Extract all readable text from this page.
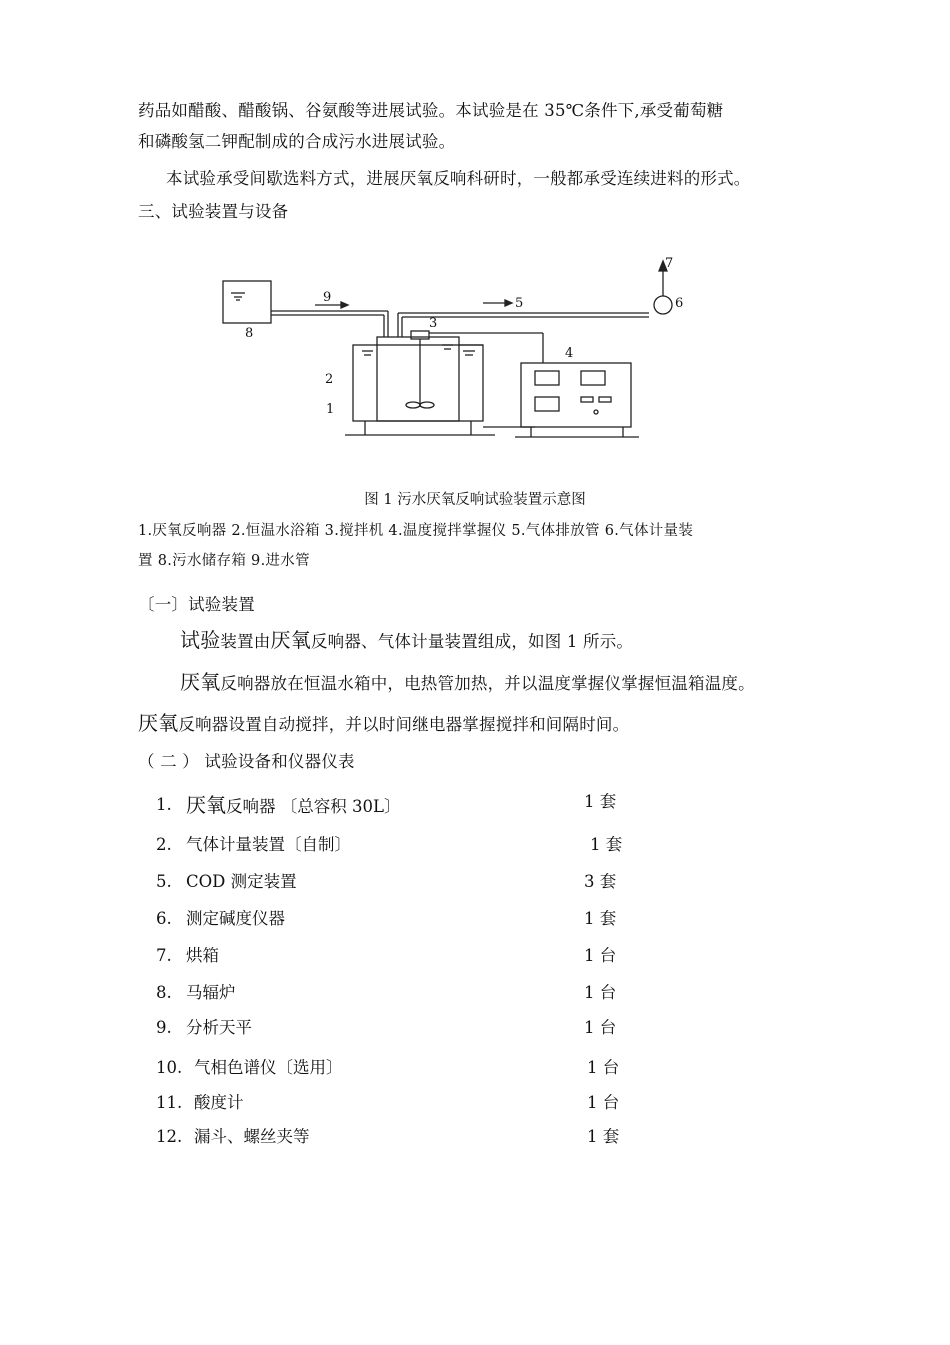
药品如醋酸、醋酸锅、谷氨酸等进展试验。本试验是在 35℃条件下,承受葡萄糖
和磷酸氢二钾配制成的合成污水进展试验。
本试验承受间歇选料方式，进展厌氧反响科研时，一般都承受连续进料的形式。
三、试验装置与设备
1
2
3
4
5	6
7
8
9
图 1 污水厌氧反响试验装置示意图
1.厌氧反响器 2.恒温水浴箱 3.搅拌机 4.温度搅拌掌握仪 5.气体排放管 6.气体计量装
置 8.污水储存箱 9.进水管
〔一〕试验装置
试验装置由厌氧反响器、气体计量装置组成，如图 1 所示。
厌氧反响器放在恒温水箱中，电热管加热，并以温度掌握仪掌握恒温箱温度。
厌氧反响器设置自动搅拌，并以时间继电器掌握搅拌和间隔时间。
（ 二 ） 试验设备和仪器仪表
1. 厌氧反响器 〔总容积 30L〕	1 套
2. 气体计量装置〔自制〕	1 套
5. COD 测定装置	3 套
6. 测定碱度仪器	1 套
7. 烘箱	1 台
8. 马辐炉	1 台
9. 分析天平	1 台
10. 气相色谱仪〔选用〕	1 台
11. 酸度计	1 台
12. 漏斗、螺丝夹等	1 套
